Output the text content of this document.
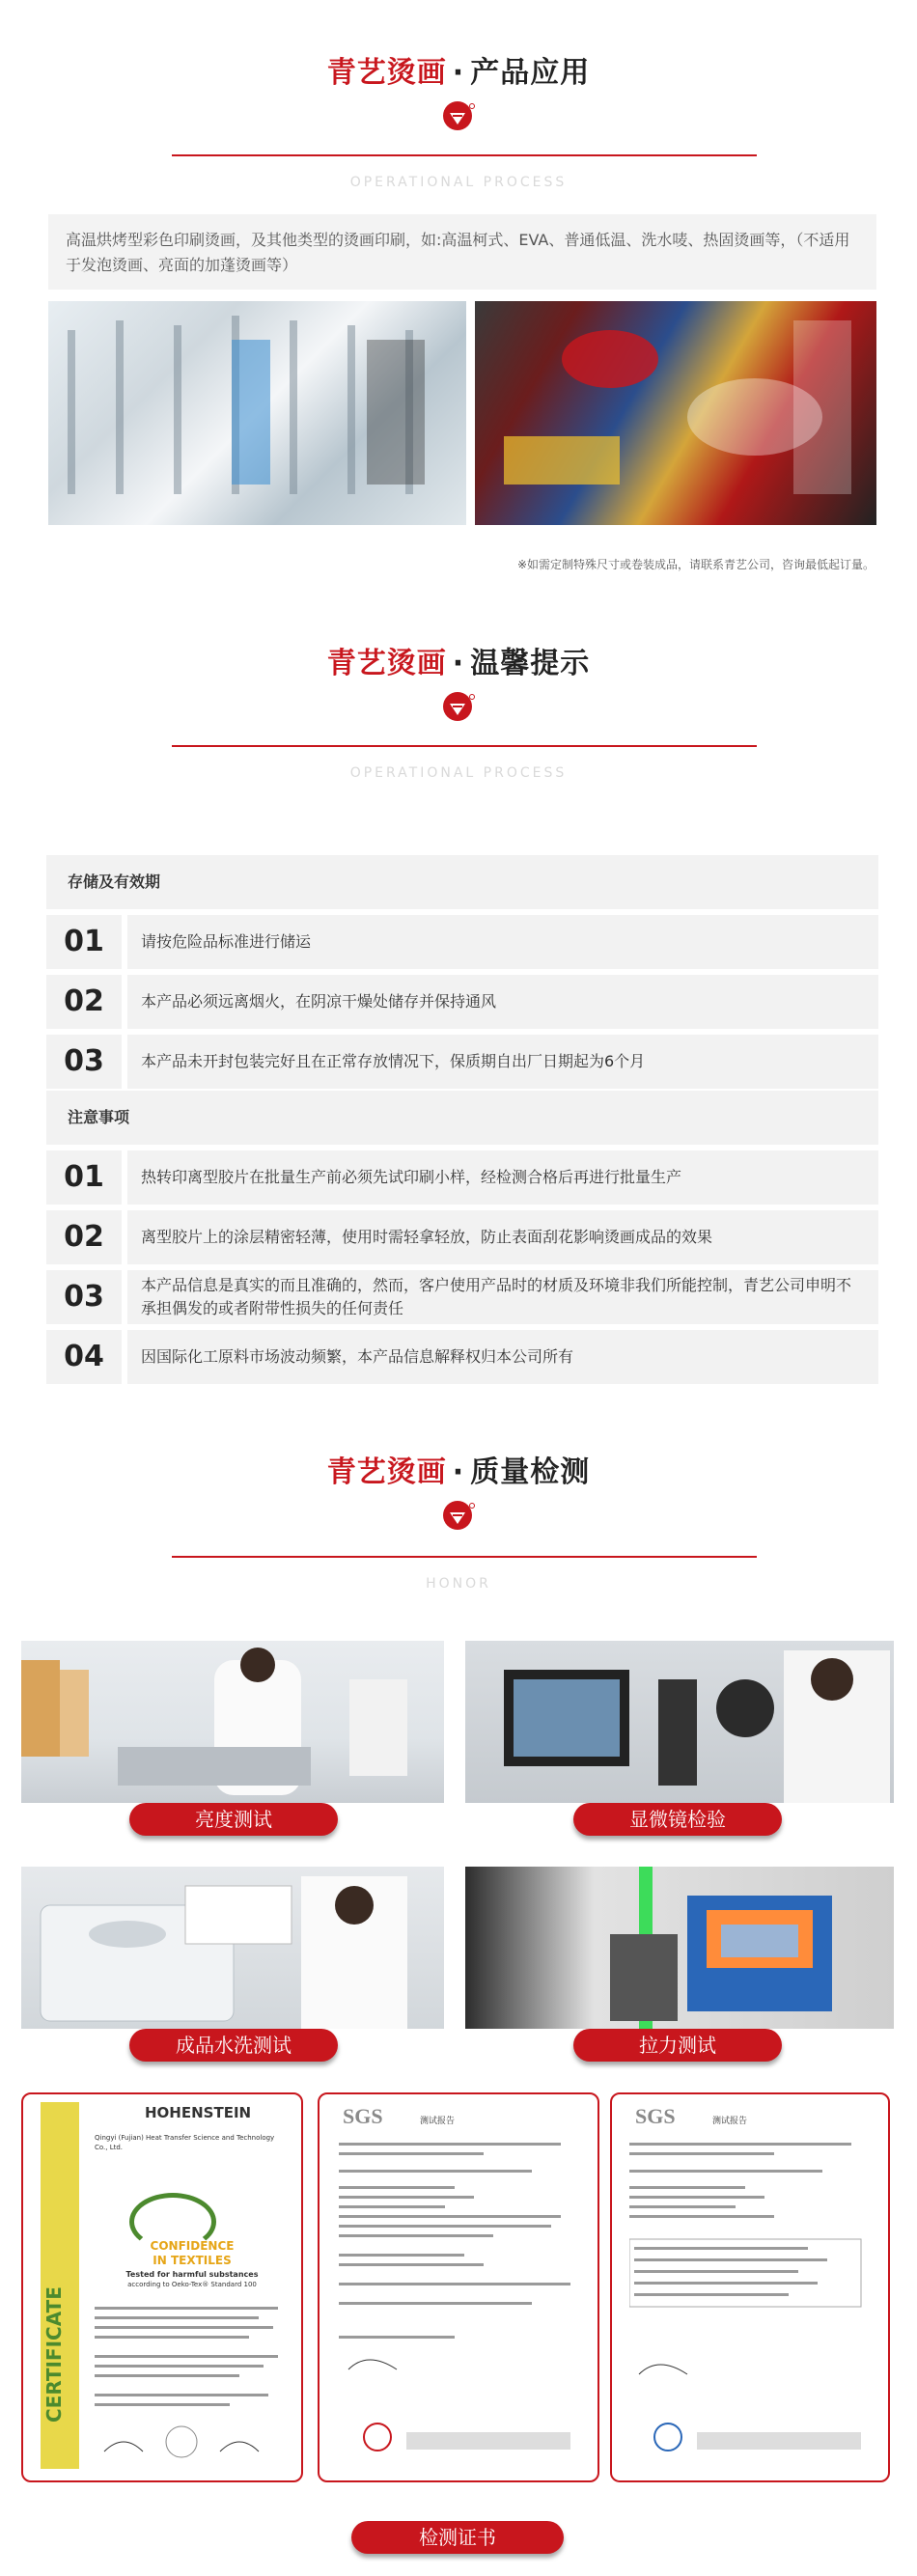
青艺烫画 · 产品应用
OPERATIONAL PROCESS
高温烘烤型彩色印刷烫画，及其他类型的烫画印刷，如:高温柯式、EVA、普通低温、洗水唛、热固烫画等，（不适用于发泡烫画、亮面的加蓬烫画等）
※如需定制特殊尺寸或卷装成品，请联系青艺公司，咨询最低起订量。
青艺烫画 · 温馨提示
OPERATIONAL PROCESS
存储及有效期
01	请按危险品标准进行储运
02	本产品必须远离烟火，在阴凉干燥处储存并保持通风
03	本产品未开封包装完好且在正常存放情况下，保质期自出厂日期起为6个月
注意事项
01	热转印离型胶片在批量生产前必须先试印刷小样，经检测合格后再进行批量生产
02	离型胶片上的涂层精密轻薄，使用时需轻拿轻放，防止表面刮花影响烫画成品的效果
03	本产品信息是真实的而且准确的，然而，客户使用产品时的材质及环境非我们所能控制，青艺公司申明不承担偶发的或者附带性损失的任何责任
04	因国际化工原料市场波动频繁，本产品信息解释权归本公司所有
青艺烫画 · 质量检测
HONOR
亮度测试	显微镜检验
成品水洗测试	拉力测试
HOHENSTEIN
Qingyi (Fujian) Heat Transfer Science and Technology Co., Ltd.
CONFIDENCE
IN TEXTILES
Tested for harmful substances
according to Oeko-Tex® Standard 100
SGS	测试报告	SGS	测试报告
检测证书
